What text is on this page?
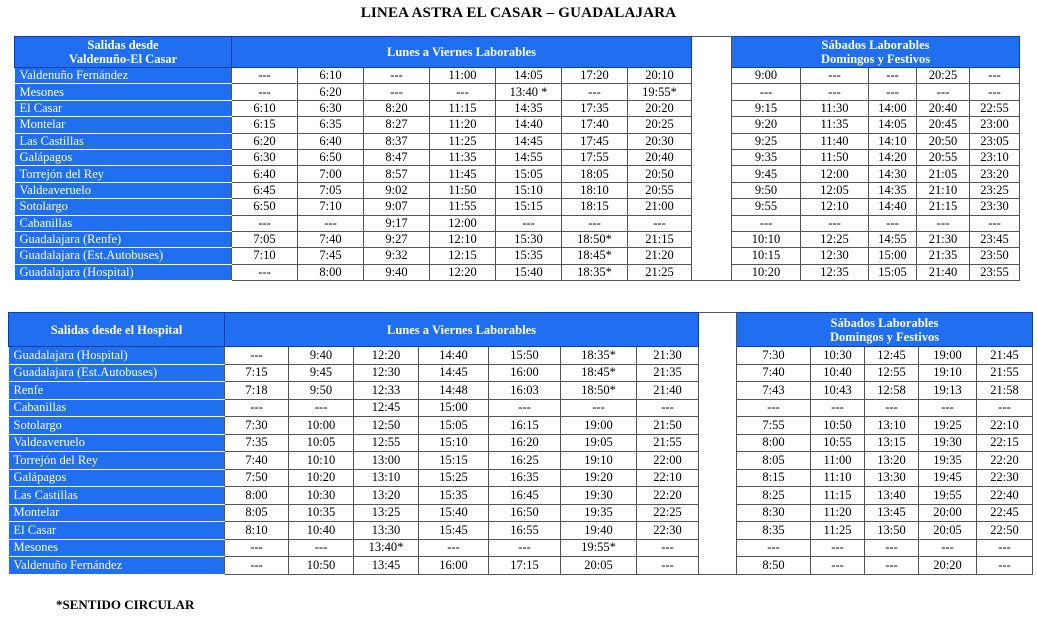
LINEA ASTRA EL CASAR – GUADALAJARA
Salidas desde
Valdenuño-El Casar	Lunes a Viernes Laborables								Sábados Laborables
Domingos y Festivos				
Valdenuño Fernández	---	6:10	---	11:00	14:05	17:20	20:10		9:00	---	---	20:25	---
Mesones	---	6:20	---	---	13:40 *	---	19:55*		---	---	---	---	---
El Casar	6:10	6:30	8:20	11:15	14:35	17:35	20:20		9:15	11:30	14:00	20:40	22:55
Montelar	6:15	6:35	8:27	11:20	14:40	17:40	20:25		9:20	11:35	14:05	20:45	23:00
Las Castillas	6:20	6:40	8:37	11:25	14:45	17:45	20:30		9:25	11:40	14:10	20:50	23:05
Galápagos	6:30	6:50	8:47	11:35	14:55	17:55	20:40		9:35	11:50	14:20	20:55	23:10
Torrejón del Rey	6:40	7:00	8:57	11:45	15:05	18:05	20:50		9:45	12:00	14:30	21:05	23:20
Valdeaveruelo	6:45	7:05	9:02	11:50	15:10	18:10	20:55		9:50	12:05	14:35	21:10	23:25
Sotolargo	6:50	7:10	9:07	11:55	15:15	18:15	21:00		9:55	12:10	14:40	21:15	23:30
Cabanillas	---	---	9:17	12:00	---	---	---		---	---	---	---	---
Guadalajara (Renfe)	7:05	7:40	9:27	12:10	15:30	18:50*	21:15		10:10	12:25	14:55	21:30	23:45
Guadalajara (Est.Autobuses)	7:10	7:45	9:32	12:15	15:35	18:45*	21:20		10:15	12:30	15:00	21:35	23:50
Guadalajara (Hospital)	---	8:00	9:40	12:20	15:40	18:35*	21:25		10:20	12:35	15:05	21:40	23:55
Salidas desde el Hospital	Lunes a Viernes Laborables								Sábados Laborables
Domingos y Festivos				
Guadalajara (Hospital)	---	9:40	12:20	14:40	15:50	18:35*	21:30		7:30	10:30	12:45	19:00	21:45
Guadalajara (Est.Autobuses)	7:15	9:45	12:30	14:45	16:00	18:45*	21:35		7:40	10:40	12:55	19:10	21:55
Renfe	7:18	9:50	12:33	14:48	16:03	18:50*	21:40		7:43	10:43	12:58	19:13	21:58
Cabanillas	---	---	12:45	15:00	---	---	---		---	---	---	---	---
Sotolargo	7:30	10:00	12:50	15:05	16:15	19:00	21:50		7:55	10:50	13:10	19:25	22:10
Valdeaveruelo	7:35	10:05	12:55	15:10	16:20	19:05	21:55		8:00	10:55	13:15	19:30	22:15
Torrejón del Rey	7:40	10:10	13:00	15:15	16:25	19:10	22:00		8:05	11:00	13:20	19:35	22:20
Galápagos	7:50	10:20	13:10	15:25	16:35	19:20	22:10		8:15	11:10	13:30	19:45	22:30
Las Castillas	8:00	10:30	13:20	15:35	16:45	19:30	22:20		8:25	11:15	13:40	19:55	22:40
Montelar	8:05	10:35	13:25	15:40	16:50	19:35	22:25		8:30	11:20	13:45	20:00	22:45
El Casar	8:10	10:40	13:30	15:45	16:55	19:40	22:30		8:35	11:25	13:50	20:05	22:50
Mesones	---	---	13:40*	---	---	19:55*	---		---	---	---	---	---
Valdenuño Fernández	---	10:50	13:45	16:00	17:15	20:05	---		8:50	---	---	20:20	---
*SENTIDO CIRCULAR
